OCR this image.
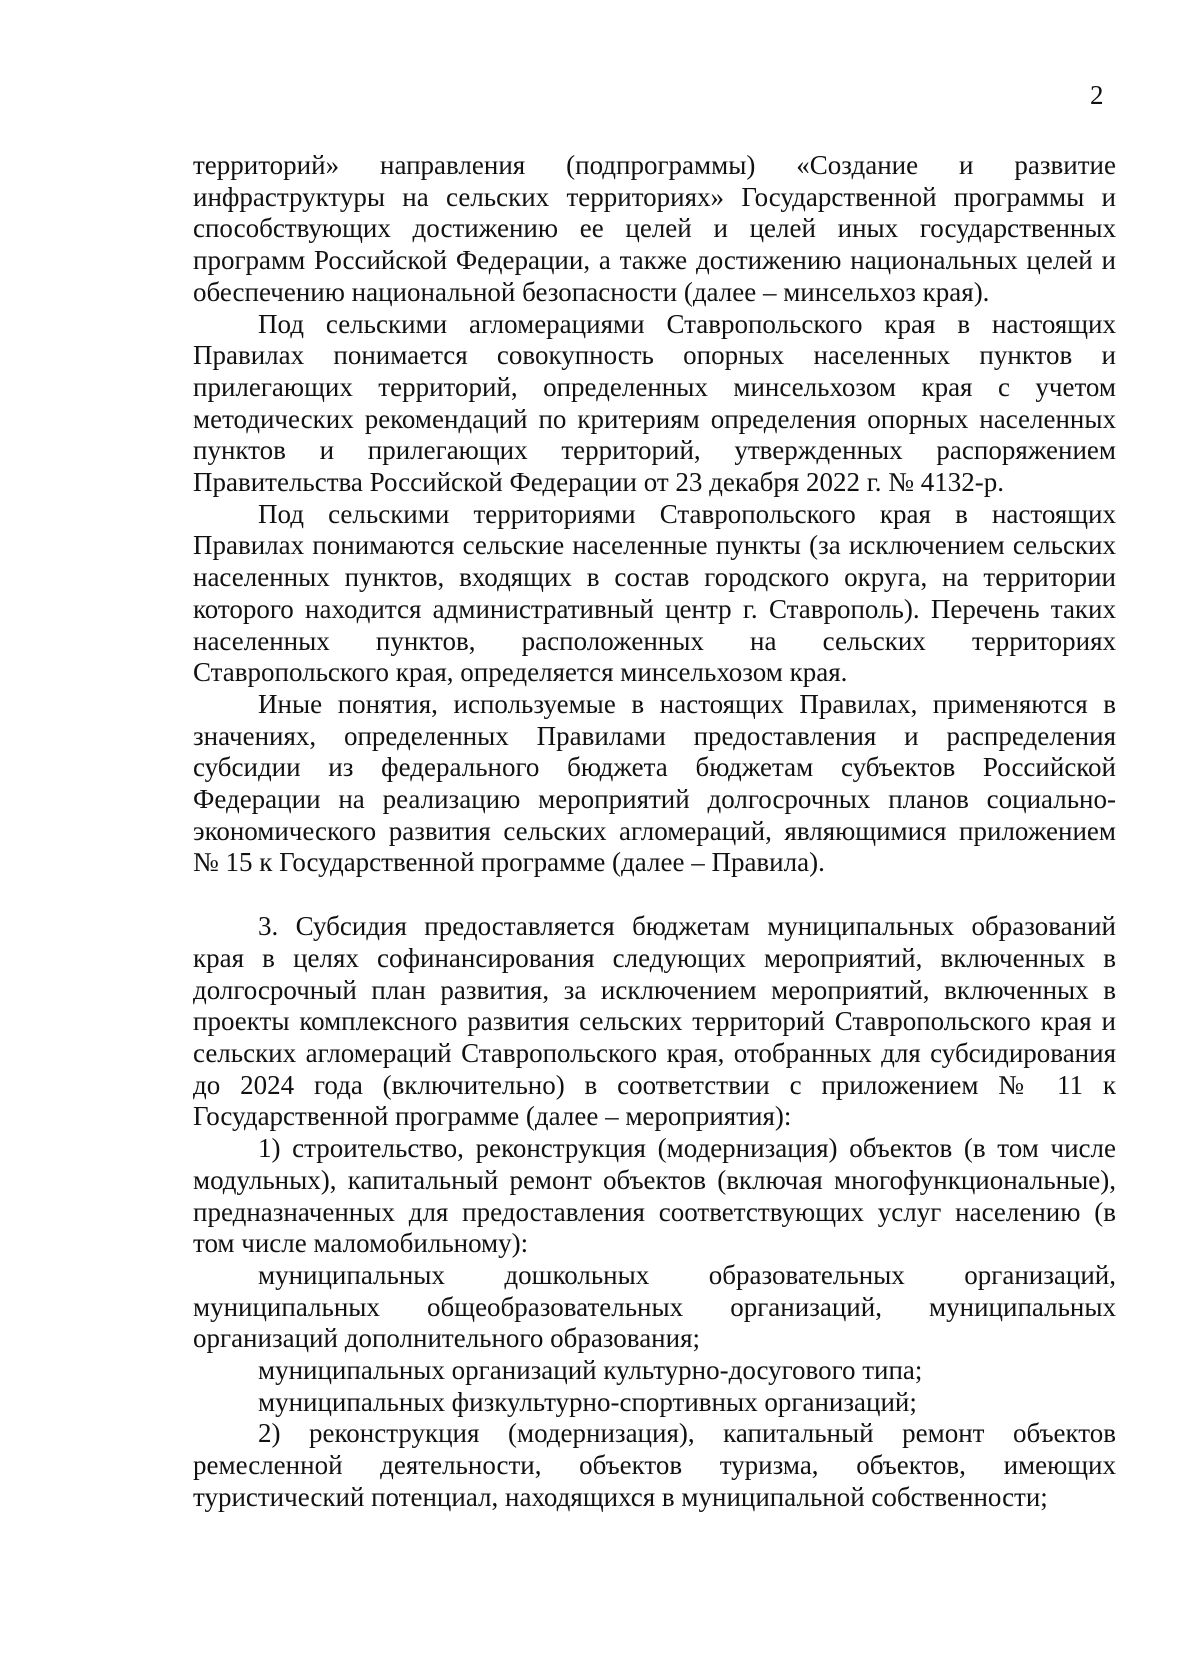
2

территорий» направления (подпрограммы) «Создание и развитие инфраструктуры на сельских территориях» Государственной программы и способствующих достижению ее целей и целей иных государственных программ Российской Федерации, а также достижению национальных целей и обеспечению национальной безопасности (далее – минсельхоз края).

Под сельскими агломерациями Ставропольского края в настоящих Правилах понимается совокупность опорных населенных пунктов и прилегающих территорий, определенных минсельхозом края с учетом методических рекомендаций по критериям определения опорных населенных пунктов и прилегающих территорий, утвержденных распоряжением Правительства Российской Федерации от 23 декабря 2022 г. № 4132-р.

Под сельскими территориями Ставропольского края в настоящих Правилах понимаются сельские населенные пункты (за исключением сельских населенных пунктов, входящих в состав городского округа, на территории которого находится административный центр г. Ставрополь). Перечень таких населенных пунктов, расположенных на сельских территориях Ставропольского края, определяется минсельхозом края.

Иные понятия, используемые в настоящих Правилах, применяются в значениях, определенных Правилами предоставления и распределения субсидии из федерального бюджета бюджетам субъектов Российской Федерации на реализацию мероприятий долгосрочных планов социально-экономического развития сельских агломераций, являющимися приложением № 15 к Государственной программе (далее – Правила).

3. Субсидия предоставляется бюджетам муниципальных образований края в целях софинансирования следующих мероприятий, включенных в долгосрочный план развития, за исключением мероприятий, включенных в проекты комплексного развития сельских территорий Ставропольского края и сельских агломераций Ставропольского края, отобранных для субсидирования до 2024 года (включительно) в соответствии с приложением № 11 к Государственной программе (далее – мероприятия):

1) строительство, реконструкция (модернизация) объектов (в том числе модульных), капитальный ремонт объектов (включая многофункциональные), предназначенных для предоставления соответствующих услуг населению (в том числе маломобильному):

муниципальных дошкольных образовательных организаций, муниципальных общеобразовательных организаций, муниципальных организаций дополнительного образования;

муниципальных организаций культурно-досугового типа;

муниципальных физкультурно-спортивных организаций;

2) реконструкция (модернизация), капитальный ремонт объектов ремесленной деятельности, объектов туризма, объектов, имеющих туристический потенциал, находящихся в муниципальной собственности;
